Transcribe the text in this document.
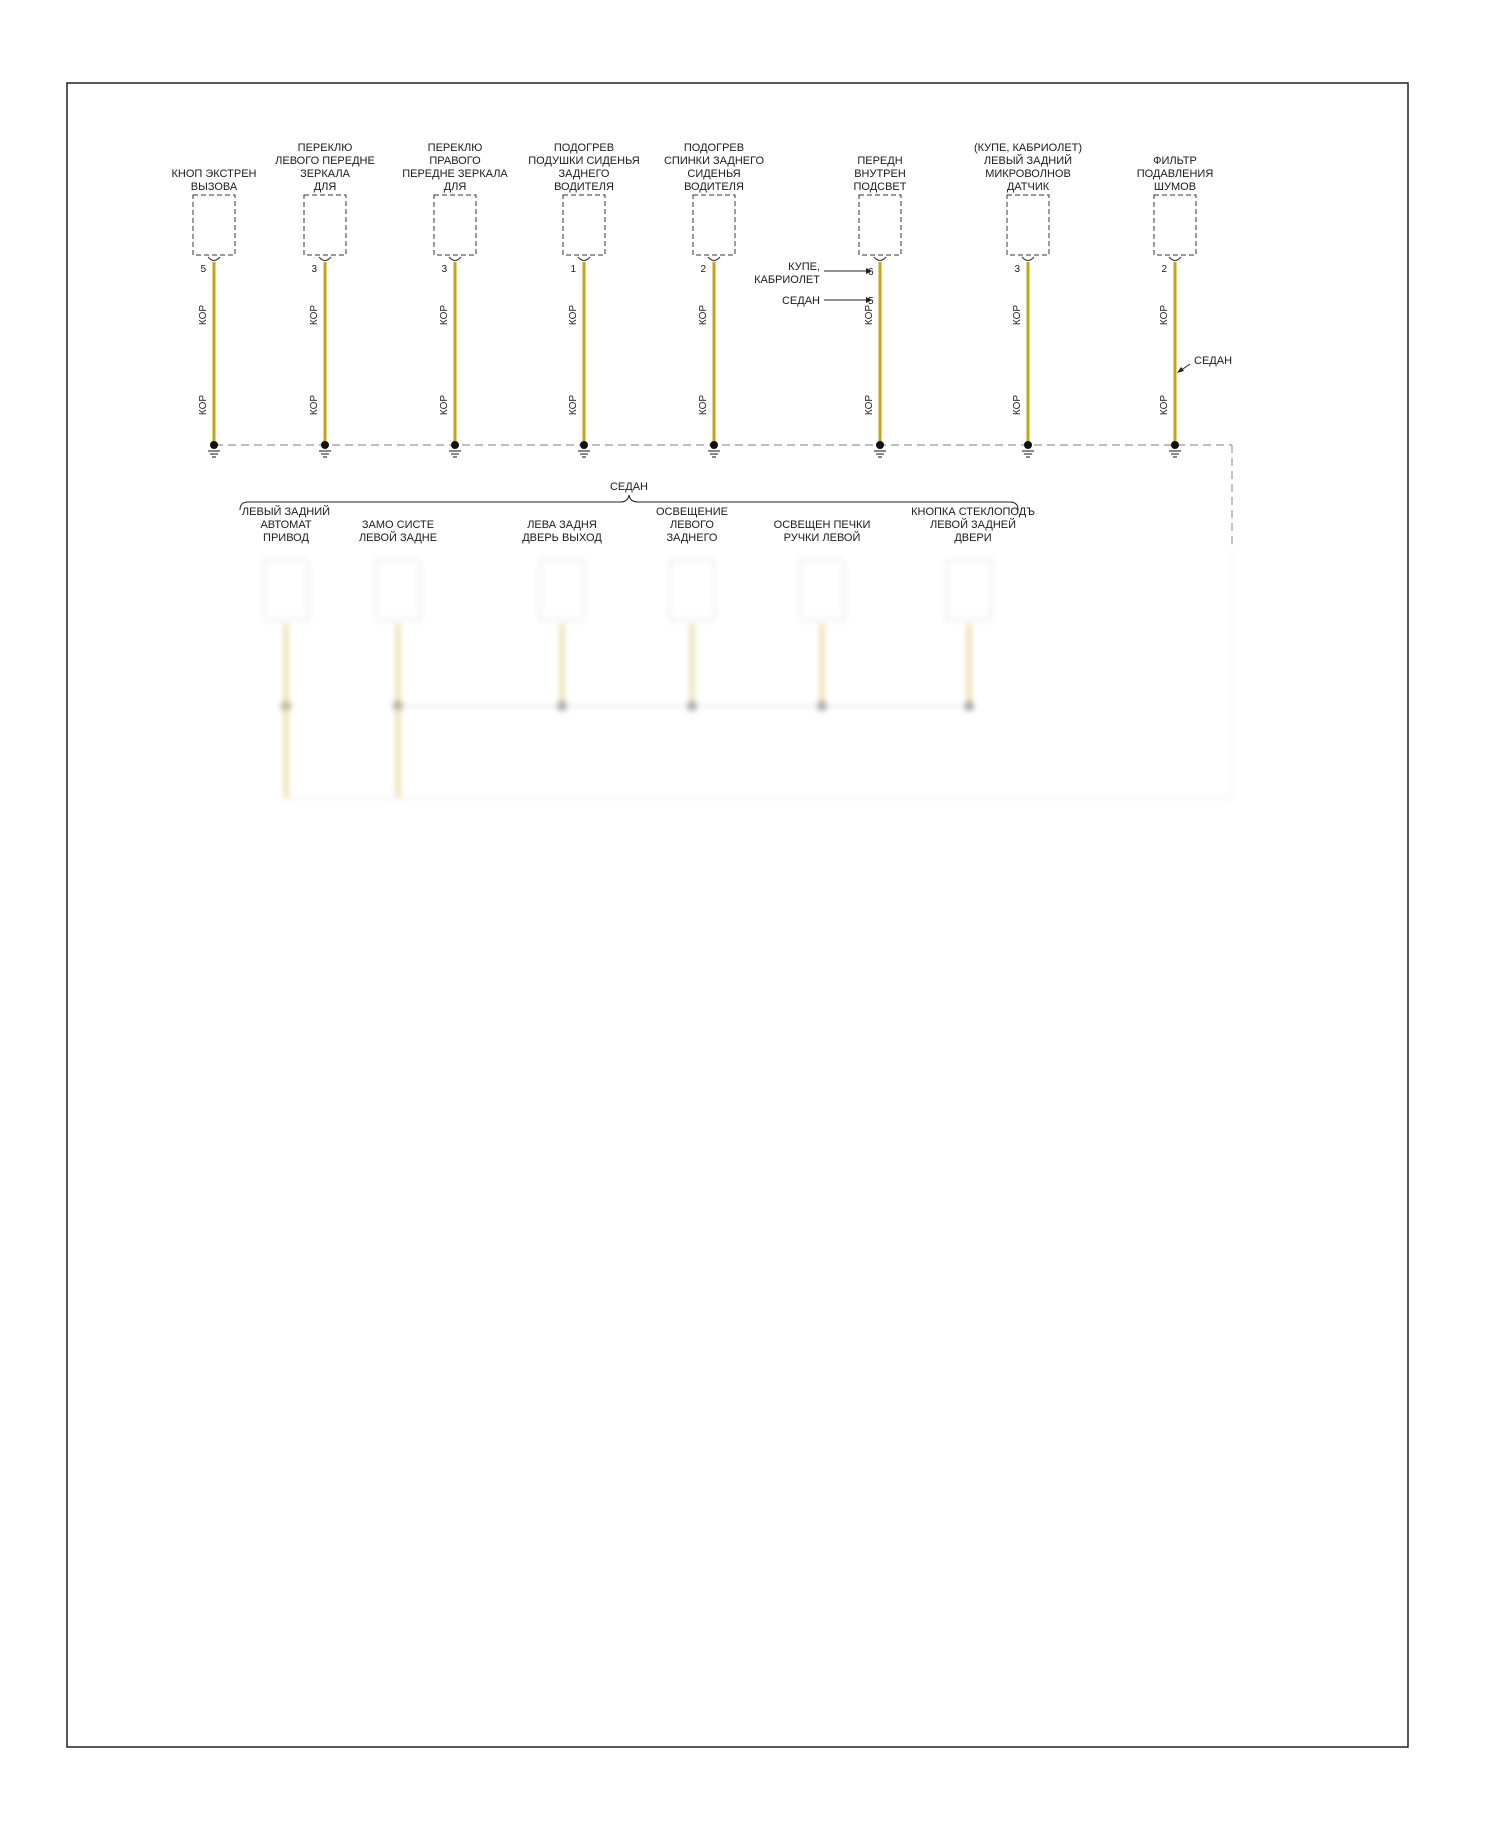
КНОП ЭКСТРЕН
ВЫЗОВА
5
КОР
КОР
ПЕРЕКЛЮ
ЛЕВОГО ПЕРЕДНЕ
ЗЕРКАЛА
ДЛЯ
3
КОР
КОР
ПЕРЕКЛЮ
ПРАВОГО
ПЕРЕДНЕ ЗЕРКАЛА
ДЛЯ
3
КОР
КОР
ПОДОГРЕВ
ПОДУШКИ СИДЕНЬЯ
ЗАДНЕГО
ВОДИТЕЛЯ
1
КОР
КОР
ПОДОГРЕВ
СПИНКИ ЗАДНЕГО
СИДЕНЬЯ
ВОДИТЕЛЯ
2
КОР
КОР
ПЕРЕДН
ВНУТРЕН
ПОДСВЕТ
КОР
КОР
(КУПЕ, КАБРИОЛЕТ)
ЛЕВЫЙ ЗАДНИЙ
МИКРОВОЛНОВ
ДАТЧИК
3
КОР
КОР
ФИЛЬТР
ПОДАВЛЕНИЯ
ШУМОВ
2
КОР
КОР
КУПЕ,
КАБРИОЛЕТ
6
СЕДАН	5
СЕДАН
СЕДАН
ЛЕВЫЙ ЗАДНИЙ
АВТОМАТ
ПРИВОД
ЗАМО СИСТЕ
ЛЕВОЙ ЗАДНЕ
ЛЕВА ЗАДНЯ
ДВЕРЬ ВЫХОД
ОСВЕЩЕНИЕ
ЛЕВОГО
ЗАДНЕГО
ОСВЕЩЕН ПЕЧКИ
РУЧКИ ЛЕВОЙ
КНОПКА СТЕКЛОПОДЪ
ЛЕВОЙ ЗАДНЕЙ
ДВЕРИ
